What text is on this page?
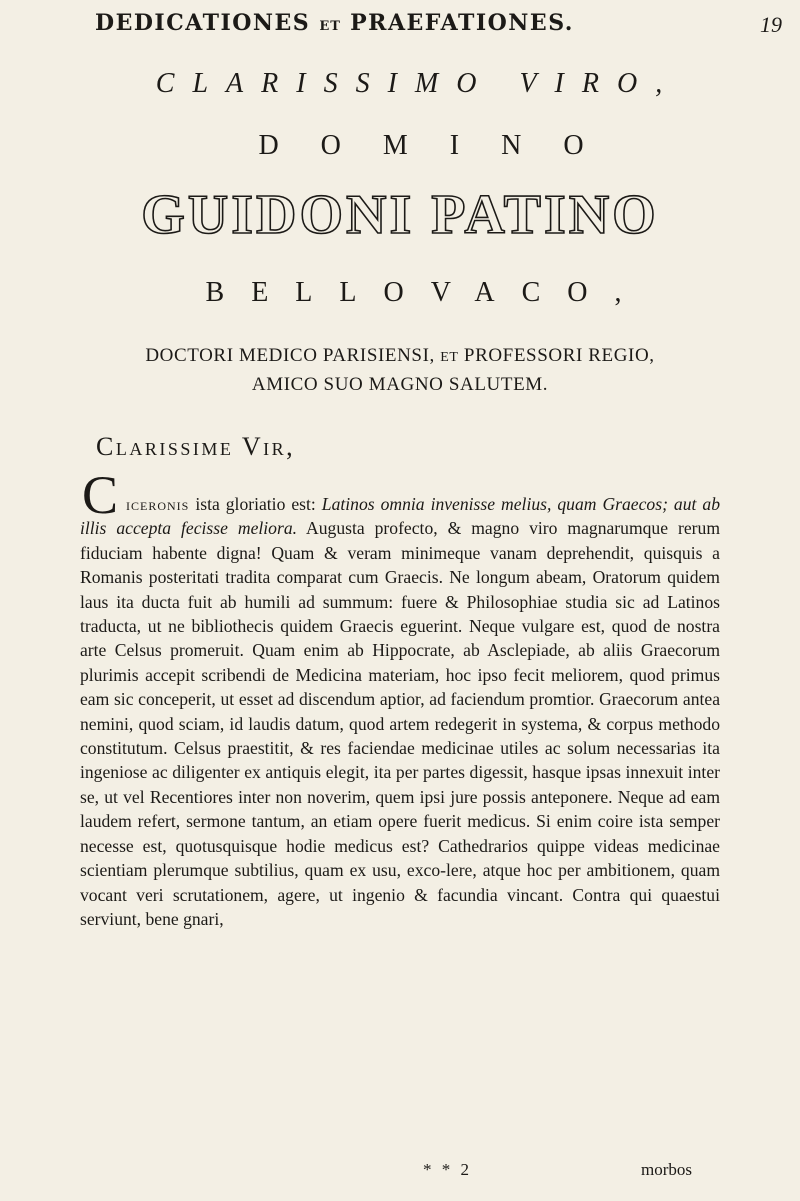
DEDICATIONES ET PRAEFATIONES.	19
CLARISSIMO VIRO,
DOMINO
GUIDONI PATINO
BELLOVACO,
DOCTORI MEDICO PARISIENSI, ET PROFESSORI REGIO,
AMICO SUO MAGNO SALUTEM.
Clarissime Vir,
C iceronis ista gloriatio est: Latinos omnia invenisse melius, quam Graecos; aut ab illis accepta fecisse meliora. Augusta profecto, & magno viro magnarumque rerum fiduciam habente digna! Quam & veram minimeque vanam deprehendit, quisquis a Romanis posteritati tradita comparat cum Graecis. Ne longum abeam, Oratorum quidem laus ita ducta fuit ab humili ad summum: fuere & Philosophiae studia sic ad Latinos traducta, ut ne bibliothecis quidem Graecis eguerint. Neque vulgare est, quod de nostra arte Celsus promeruit. Quam enim ab Hippocrate, ab Asclepiade, ab aliis Graecorum plurimis accepit scribendi de Medicina materiam, hoc ipso fecit meliorem, quod primus eam sic conceperit, ut esset ad discendum aptior, ad faciendum promtior. Graecorum antea nemini, quod sciam, id laudis datum, quod artem redegerit in systema, & corpus methodo constitutum. Celsus praestitit, & res faciendae medicinae utiles ac solum necessarias ita ingeniose ac diligenter ex antiquis elegit, ita per partes digessit, hasque ipsas innexuit inter se, ut vel Recentiores inter non noverim, quem ipsi jure possis anteponere. Neque ad eam laudem refert, sermone tantum, an etiam opere fuerit medicus. Si enim coire ista semper necesse est, quotusquisque hodie medicus est? Cathedrarios quippe videas medicinae scientiam plerumque subtilius, quam ex usu, exco-lere, atque hoc per ambitionem, quam vocant veri scrutationem, agere, ut ingenio & facundia vincant. Contra qui quaestui serviunt, bene gnari,

* * 2	morbos
